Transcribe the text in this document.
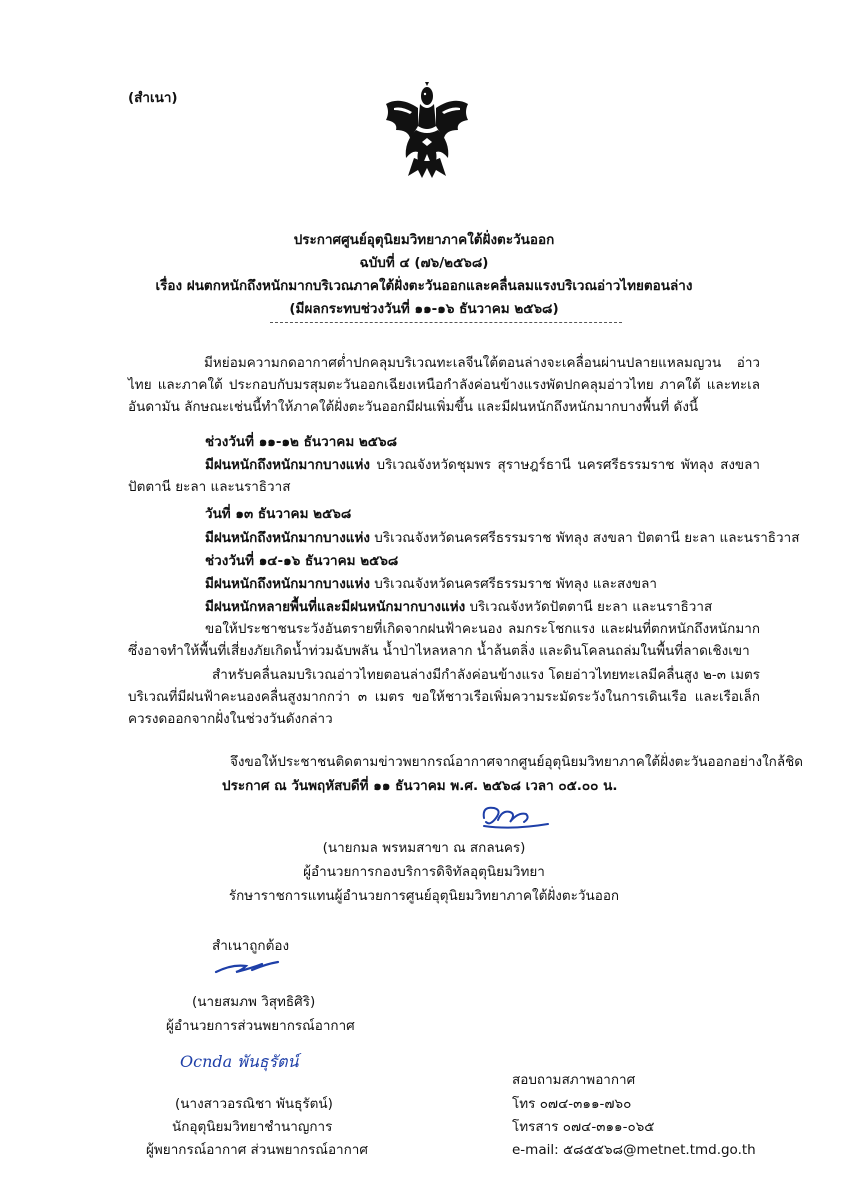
(สำเนา)
ประกาศศูนย์อุตุนิยมวิทยาภาคใต้ฝั่งตะวันออก
ฉบับที่ ๔ (๗๖/๒๕๖๘)
เรื่อง ฝนตกหนักถึงหนักมากบริเวณภาคใต้ฝั่งตะวันออกและคลื่นลมแรงบริเวณอ่าวไทยตอนล่าง
(มีผลกระทบช่วงวันที่ ๑๑-๑๖ ธันวาคม ๒๕๖๘)
มีหย่อมความกดอากาศต่ำปกคลุมบริเวณทะเลจีนใต้ตอนล่างจะเคลื่อนผ่านปลายแหลมญวน อ่าวไทย และภาคใต้ ประกอบกับมรสุมตะวันออกเฉียงเหนือกำลังค่อนข้างแรงพัดปกคลุมอ่าวไทย ภาคใต้ และทะเลอันดามัน ลักษณะเช่นนี้ทำให้ภาคใต้ฝั่งตะวันออกมีฝนเพิ่มขึ้น และมีฝนหนักถึงหนักมากบางพื้นที่ ดังนี้
ช่วงวันที่ ๑๑-๑๒ ธันวาคม ๒๕๖๘
มีฝนหนักถึงหนักมากบางแห่ง บริเวณจังหวัดชุมพร สุราษฎร์ธานี นครศรีธรรมราช พัทลุง สงขลา ปัตตานี ยะลา และนราธิวาส
วันที่ ๑๓ ธันวาคม ๒๕๖๘
มีฝนหนักถึงหนักมากบางแห่ง บริเวณจังหวัดนครศรีธรรมราช พัทลุง สงขลา ปัตตานี ยะลา และนราธิวาส
ช่วงวันที่ ๑๔-๑๖ ธันวาคม ๒๕๖๘
มีฝนหนักถึงหนักมากบางแห่ง บริเวณจังหวัดนครศรีธรรมราช พัทลุง และสงขลา
มีฝนหนักหลายพื้นที่และมีฝนหนักมากบางแห่ง บริเวณจังหวัดปัตตานี ยะลา และนราธิวาส
ขอให้ประชาชนระวังอันตรายที่เกิดจากฝนฟ้าคะนอง ลมกระโชกแรง และฝนที่ตกหนักถึงหนักมาก ซึ่งอาจทำให้พื้นที่เสี่ยงภัยเกิดน้ำท่วมฉับพลัน น้ำป่าไหลหลาก น้ำล้นตลิ่ง และดินโคลนถล่มในพื้นที่ลาดเชิงเขา
สำหรับคลื่นลมบริเวณอ่าวไทยตอนล่างมีกำลังค่อนข้างแรง โดยอ่าวไทยทะเลมีคลื่นสูง ๒-๓ เมตร บริเวณที่มีฝนฟ้าคะนองคลื่นสูงมากกว่า ๓ เมตร ขอให้ชาวเรือเพิ่มความระมัดระวังในการเดินเรือ และเรือเล็กควรงดออกจากฝั่งในช่วงวันดังกล่าว
จึงขอให้ประชาชนติดตามข่าวพยากรณ์อากาศจากศูนย์อุตุนิยมวิทยาภาคใต้ฝั่งตะวันออกอย่างใกล้ชิด
ประกาศ ณ วันพฤหัสบดีที่ ๑๑ ธันวาคม พ.ศ. ๒๕๖๘ เวลา ๐๕.๐๐ น.
(นายกมล พรหมสาขา ณ สกลนคร)
ผู้อำนวยการกองบริการดิจิทัลอุตุนิยมวิทยา
รักษาราชการแทนผู้อำนวยการศูนย์อุตุนิยมวิทยาภาคใต้ฝั่งตะวันออก
สำเนาถูกต้อง
(นายสมภพ วิสุทธิศิริ)
ผู้อำนวยการส่วนพยากรณ์อากาศ
Ocnda พันธุรัตน์
(นางสาวอรณิชา พันธุรัตน์)
นักอุตุนิยมวิทยาชำนาญการ
ผู้พยากรณ์อากาศ ส่วนพยากรณ์อากาศ
สอบถามสภาพอากาศ
โทร ๐๗๔-๓๑๑-๗๖๐
โทรสาร ๐๗๔-๓๑๑-๐๖๕
e-mail: ๕๘๕๕๖๘@metnet.tmd.go.th
